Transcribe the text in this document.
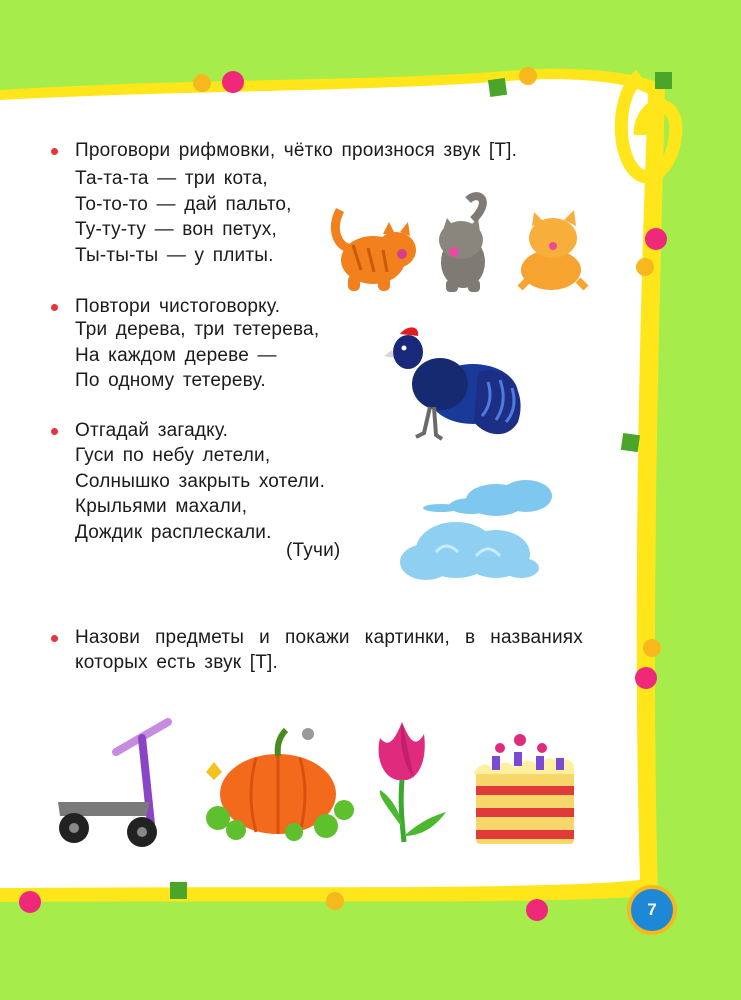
Проговори рифмовки, чётко произнося звук [Т].
Та-та-та — три кота,
То-то-то — дай пальто,
Ту-ту-ту — вон петух,
Ты-ты-ты — у плиты.
Повтори чистоговорку.
Три дерева, три тетерева,
На каждом дереве —
По одному тетереву.
Отгадай загадку.
Гуси по небу летели,
Солнышко закрыть хотели.
Крыльями махали,
Дождик расплескали.
(Тучи)
Назови предметы и покажи картинки, в названиях
которых есть звук [Т].
7
